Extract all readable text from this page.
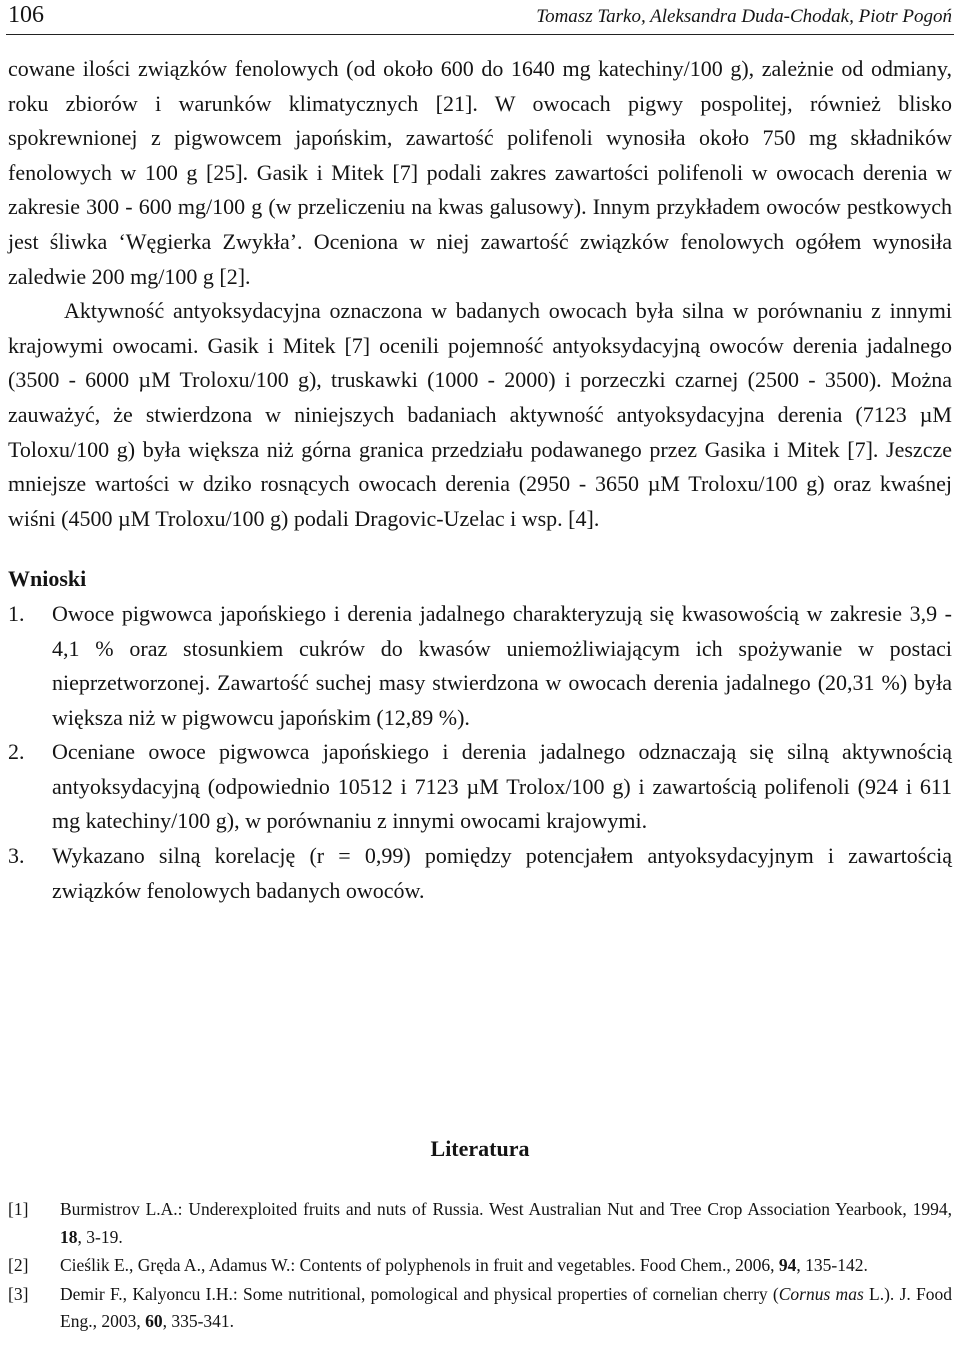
106	Tomasz Tarko, Aleksandra Duda-Chodak, Piotr Pogoń

cowane ilości związków fenolowych (od około 600 do 1640 mg katechiny/100 g), zależnie od odmiany, roku zbiorów i warunków klimatycznych [21]. W owocach pigwy pospolitej, również blisko spokrewnionej z pigwowcem japońskim, zawartość polifenoli wynosiła około 750 mg składników fenolowych w 100 g [25]. Gasik i Mitek [7] podali zakres zawartości polifenoli w owocach derenia w zakresie 300 - 600 mg/100 g (w przeliczeniu na kwas galusowy). Innym przykładem owoców pestkowych jest śliwka ‘Węgierka Zwykła’. Oceniona w niej zawartość związków fenolowych ogółem wynosiła zaledwie 200 mg/100 g [2].

Aktywność antyoksydacyjna oznaczona w badanych owocach była silna w porównaniu z innymi krajowymi owocami. Gasik i Mitek [7] ocenili pojemność antyoksydacyjną owoców derenia jadalnego (3500 - 6000 µM Troloxu/100 g), truskawki (1000 - 2000) i porzeczki czarnej (2500 - 3500). Można zauważyć, że stwierdzona w niniejszych badaniach aktywność antyoksydacyjna derenia (7123 µM Toloxu/100 g) była większa niż górna granica przedziału podawanego przez Gasika i Mitek [7]. Jeszcze mniejsze wartości w dziko rosnących owocach derenia (2950 - 3650 µM Troloxu/100 g) oraz kwaśnej wiśni (4500 µM Troloxu/100 g) podali Dragovic-Uzelac i wsp. [4].

Wnioski
1.	Owoce pigwowca japońskiego i derenia jadalnego charakteryzują się kwasowością w zakresie 3,9 - 4,1 % oraz stosunkiem cukrów do kwasów uniemożliwiającym ich spożywanie w postaci nieprzetworzonej. Zawartość suchej masy stwierdzona w owocach derenia jadalnego (20,31 %) była większa niż w pigwowcu japońskim (12,89 %).
2.	Oceniane owoce pigwowca japońskiego i derenia jadalnego odznaczają się silną aktywnością antyoksydacyjną (odpowiednio 10512 i 7123 µM Trolox/100 g) i zawartością polifenoli (924 i 611 mg katechiny/100 g), w porównaniu z innymi owocami krajowymi.
3.	Wykazano silną korelację (r = 0,99) pomiędzy potencjałem antyoksydacyjnym i zawartością związków fenolowych badanych owoców.
Literatura
[1]	Burmistrov L.A.: Underexploited fruits and nuts of Russia. West Australian Nut and Tree Crop Association Yearbook, 1994, 18, 3-19.
[2]	Cieślik E., Gręda A., Adamus W.: Contents of polyphenols in fruit and vegetables. Food Chem., 2006, 94, 135-142.
[3]	Demir F., Kalyoncu I.H.: Some nutritional, pomological and physical properties of cornelian cherry (Cornus mas L.). J. Food Eng., 2003, 60, 335-341.
